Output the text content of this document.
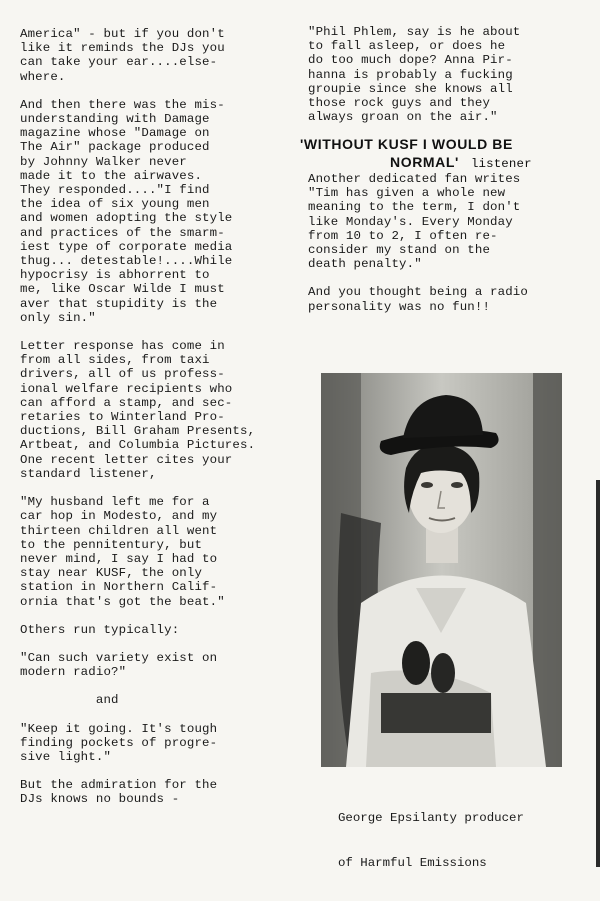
America" - but if you don't

like it reminds the DJs you

can take your ear....else-

where.

And then there was the mis-

understanding with Damage

magazine whose "Damage on

The Air" package produced

by Johnny Walker never

made it to the airwaves.

They responded...."I find

the idea of six young men

and women adopting the style

and practices of the smarm-

iest type of corporate media

thug... detestable!....While

hypocrisy is abhorrent to

me, like Oscar Wilde I must

aver that stupidity is the

only sin."

Letter response has come in

from all sides, from taxi

drivers, all of us profess-

ional welfare recipients who

can afford a stamp, and sec-

retaries to Winterland Pro-

ductions, Bill Graham Presents,

Artbeat, and Columbia Pictures.

One recent letter cites your

standard listener,

"My husband left me for a

car hop in Modesto, and my

thirteen children all went

to the pennitentury, but

never mind, I say I had to

stay near KUSF, the only

station in Northern Calif-

ornia that's got the beat."

Others run typically:

"Can such variety exist on

modern radio?"

and

"Keep it going. It's tough

finding pockets of progre-

sive light."

But the admiration for the

DJs knows no bounds -

"Phil Phlem, say is he about

to fall asleep, or does he

do too much dope? Anna Pir-

hanna is probably a fucking

groupie since she knows all

those rock guys and they

always groan on the air."

'WITHOUT KUSF I WOULD BE
NORMAL' listener

Another dedicated fan writes

"Tim has given a whole new

meaning to the term, I don't

like Monday's. Every Monday

from 10 to 2, I often re-

consider my stand on the

death penalty."

And you thought being a radio

personality was no fun!!

George Epsilanty producer

of Harmful Emissions
